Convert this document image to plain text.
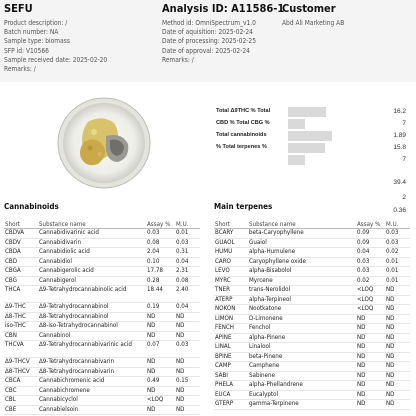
SEFU
Product description: /
Batch number: NA
Sample type: biomass
SFP id: V10566
Sample received date: 2025-02-20
Remarks: /
Analysis ID: A11586-1
Method id: OmniSpectrum_v1.0
Date of aquisition: 2025-02-24
Date of processing: 2025-02-25
Date of approval: 2025-02-24
Remarks: /
Customer
Abd Ali Marketing AB
Total Δ9THC % Total	16.2
CBD % Total CBG %	7
Total cannabinoids	1.89
% Total terpenes %	15.8
7
39.4
2
0.36
Cannabinoids
Short	Substance name	Assay %	M.U.
CBDVA	Cannabidivarinic acid	0.03	0.01
CBDV	Cannabidivarin	0.08	0.03
CBDA	Cannabidiolic acid	2.04	0.31
CBD	Cannabidiol	0.10	0.04
CBGA	Cannabigerolic acid	17.78	2.31
CBG	Cannabigerol	0.28	0.08
THCA	Δ9-Tetrahydrocannabinolic acid	18.44	2.40
Δ9-THC	Δ9-Tetrahydrocannabinol	0.19	0.04
Δ8-THC	Δ8-Tetrahydrocannabinol	ND	ND
iso-THC	Δ8-iso-Tetrahydrocannabinol	ND	ND
CBN	Cannabinol	ND	ND
THCVA	Δ9-Tetrahydrocannabivarinic acid	0.07	0.03
Δ9-THCV	Δ9-Tetrahydrocannabivarin	ND	ND
Δ8-THCV	Δ8-Tetrahydrocannabivarin	ND	ND
CBCA	Cannabichromenic acid	0.49	0.15
CBC	Cannabichromene	ND	ND
CBL	Cannabicyclol	<LOQ	ND
CBE	Cannabielsoin	ND	ND
Main terpenes
Short	Substance name	Assay %	M.U.
BCARY	beta-Caryophyllene	0.09	0.03
GUAOL	Guaiol	0.09	0.03
HUMU	alpha-Humulene	0.04	0.02
CARO	Caryophyllene oxide	0.03	0.01
LEVO	alpha-Bisabolol	0.03	0.01
MYRC	Myrcene	0.02	0.01
TNER	trans-Nerolidol	<LOQ	ND
ATERP	alpha-Terpineol	<LOQ	ND
NOKON	Nootkatone	<LOQ	ND
LIMON	D-Limonene	ND	ND
FENCH	Fenchol	ND	ND
APINE	alpha-Pinene	ND	ND
LINAL	Linalool	ND	ND
BPINE	beta-Pinene	ND	ND
CAMP	Camphene	ND	ND
SABI	Sabinene	ND	ND
PHELA	alpha-Phellandrene	ND	ND
EUCA	Eucalyptol	ND	ND
GTERP	gamma-Terpinene	ND	ND
